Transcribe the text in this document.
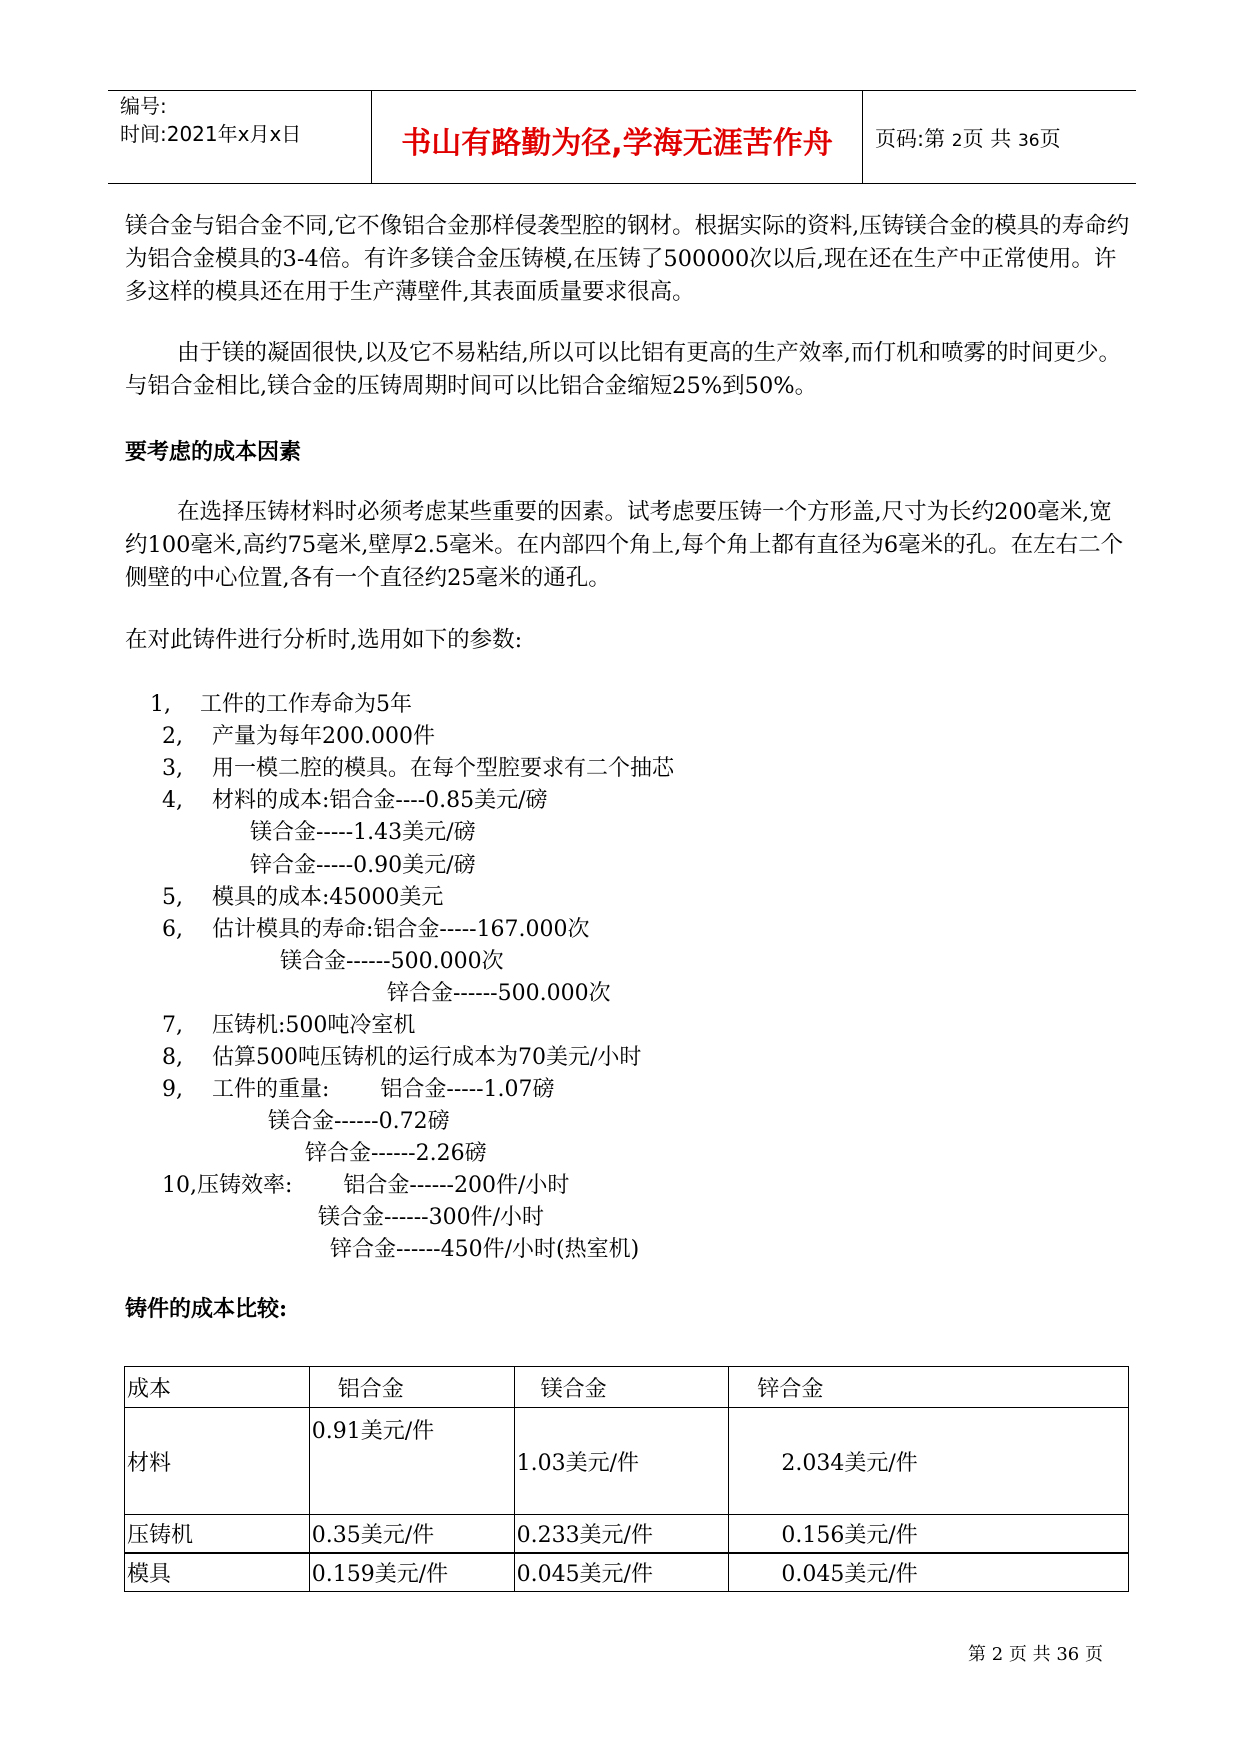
编号:
时间:2021年x月x日	书山有路勤为径,学海无涯苦作舟	页码:第 2页 共 36页
镁合金与铝合金不同,它不像铝合金那样侵袭型腔的钢材。根据实际的资料,压铸镁合金的模具的寿命约为铝合金模具的3-4倍。有许多镁合金压铸模,在压铸了500000次以后,现在还在生产中正常使用。许多这样的模具还在用于生产薄壁件,其表面质量要求很高。
由于镁的凝固很快,以及它不易粘结,所以可以比铝有更高的生产效率,而仃机和喷雾的时间更少。与铝合金相比,镁合金的压铸周期时间可以比铝合金缩短25%到50%。
要考虑的成本因素
在选择压铸材料时必须考虑某些重要的因素。试考虑要压铸一个方形盖,尺寸为长约200毫米,宽约100毫米,高约75毫米,壁厚2.5毫米。在内部四个角上,每个角上都有直径为6毫米的孔。在左右二个侧壁的中心位置,各有一个直径约25毫米的通孔。
在对此铸件进行分析时,选用如下的参数:
1,　 工件的工作寿命为5年
2,　 产量为每年200.000件
3,　 用一模二腔的模具。在每个型腔要求有二个抽芯
4,　 材料的成本:铝合金----0.85美元/磅
镁合金-----1.43美元/磅
锌合金-----0.90美元/磅
5,　 模具的成本:45000美元
6,　 估计模具的寿命:铝合金-----167.000次
镁合金------500.000次
锌合金------500.000次
7,　 压铸机:500吨冷室机
8,　 估算500吨压铸机的运行成本为70美元/小时
9,　 工件的重量:　　 铝合金-----1.07磅
镁合金------0.72磅
锌合金------2.26磅
10,压铸效率:　　 铝合金------200件/小时
镁合金------300件/小时
锌合金------450件/小时(热室机)
铸件的成本比较:
成本	铝合金	镁合金	锌合金
材料	0.91美元/件	1.03美元/件	2.034美元/件
压铸机	0.35美元/件	0.233美元/件	0.156美元/件
模具	0.159美元/件	0.045美元/件	0.045美元/件
第 2 页 共 36 页
